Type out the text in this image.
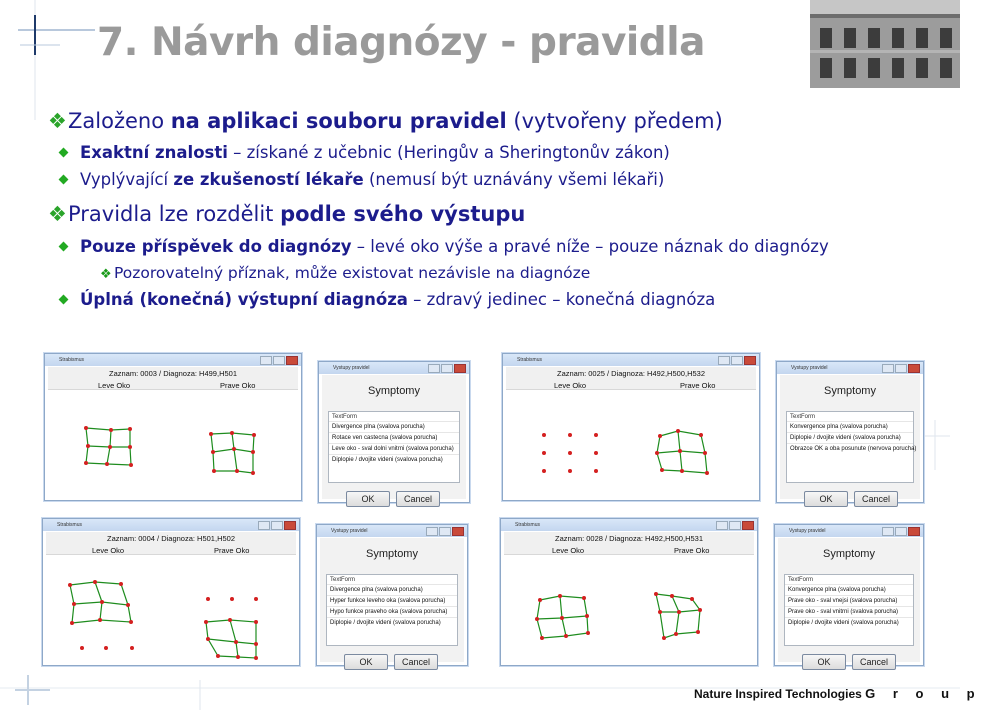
7. Návrh diagnózy - pravidla
❖Založeno na aplikaci souboru pravidel (vytvořeny předem)
Exaktní znalosti – získané z učebnic (Heringův a Sheringtonův zákon)
Vyplývající ze zkušeností lékaře (nemusí být uznávány všemi lékaři)
❖Pravidla lze rozdělit podle svého výstupu
Pouze příspěvek do diagnózy – levé oko výše a pravé níže – pouze náznak do diagnózy
❖ Pozorovatelný příznak, může existovat nezávisle na diagnóze
Úplná (konečná) výstupní diagnóza – zdravý jedinec – konečná diagnóza
Strabismus
Zaznam: 0003 / Diagnoza: H499,H501
Leve Oko	Prave Oko
Vystupy pravidel
Symptomy
TextForm
Divergence plna (svalova porucha)
Rotace ven castecna (svalova porucha)
Leve oko - sval dolni vnitrni (svalova porucha)
Diplopie / dvojite videni (svalova porucha)
OK	Cancel
Strabismus
Zaznam: 0025 / Diagnoza: H492,H500,H532
Leve Oko	Prave Oko
Vystupy pravidel
Symptomy
TextForm
Konvergence plna (svalova porucha)
Diplopie / dvojite videni (svalova porucha)
Obrazce OK a oba posunute (nervova porucha)
OK	Cancel
Strabismus
Zaznam: 0004 / Diagnoza: H501,H502
Leve Oko	Prave Oko
Vystupy pravidel
Symptomy
TextForm
Divergence plna (svalova porucha)
Hyper funkce leveho oka (svalova porucha)
Hypo funkce praveho oka (svalova porucha)
Diplopie / dvojite videni (svalova porucha)
OK	Cancel
Strabismus
Zaznam: 0028 / Diagnoza: H492,H500,H531
Leve Oko	Prave Oko
Vystupy pravidel
Symptomy
TextForm
Konvergence plna (svalova porucha)
Prave oko - sval vnejsi (svalova porucha)
Prave oko - sval vnitrni (svalova porucha)
Diplopie / dvojite videni (svalova porucha)
OK	Cancel
Nature Inspired Technologies G r o u p
